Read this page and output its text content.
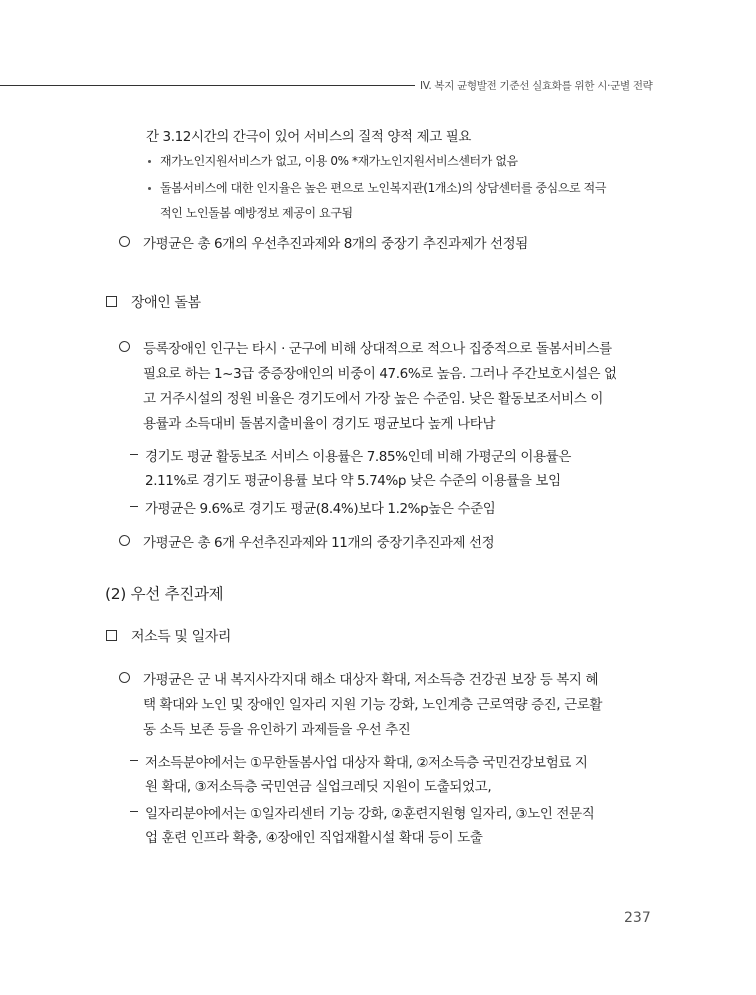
IV. 복지 균형발전 기준선 실효화를 위한 시·군별 전략
간 3.12시간의 간극이 있어 서비스의 질적 양적 제고 필요
재가노인지원서비스가 없고, 이용 0% *재가노인지원서비스센터가 없음
돌봄서비스에 대한 인지율은 높은 편으로 노인복지관(1개소)의 상담센터를 중심으로 적극
적인 노인돌봄 예방정보 제공이 요구됨
가평균은 총 6개의 우선추진과제와 8개의 중장기 추진과제가 선정됨
장애인 돌봄
등록장애인 인구는 타시 · 군구에 비해 상대적으로 적으나 집중적으로 돌봄서비스를
필요로 하는 1~3급 중증장애인의 비중이 47.6%로 높음. 그러나 주간보호시설은 없
고 거주시설의 정원 비율은 경기도에서 가장 높은 수준임. 낮은 활동보조서비스 이
용률과 소득대비 돌봄지출비율이 경기도 평균보다 높게 나타남
경기도 평균 활동보조 서비스 이용률은 7.85%인데 비해 가평군의 이용률은
2.11%로 경기도 평균이용률 보다 약 5.74%p 낮은 수준의 이용률을 보임
가평균은 9.6%로 경기도 평균(8.4%)보다 1.2%p높은 수준임
가평균은 총 6개 우선추진과제와 11개의 중장기추진과제 선정
(2) 우선 추진과제
저소득 및 일자리
가평균은 군 내 복지사각지대 해소 대상자 확대, 저소득층 건강권 보장 등 복지 혜
택 확대와 노인 및 장애인 일자리 지원 기능 강화, 노인계층 근로역량 증진, 근로활
동 소득 보존 등을 유인하기 과제들을 우선 추진
저소득분야에서는 ①무한돌봄사업 대상자 확대, ②저소득층 국민건강보험료 지
원 확대, ③저소득층 국민연금 실업크레딧 지원이 도출되었고,
일자리분야에서는 ①일자리센터 기능 강화, ②훈련지원형 일자리, ③노인 전문직
업 훈련 인프라 확충, ④장애인 직업재활시설 확대 등이 도출
237
